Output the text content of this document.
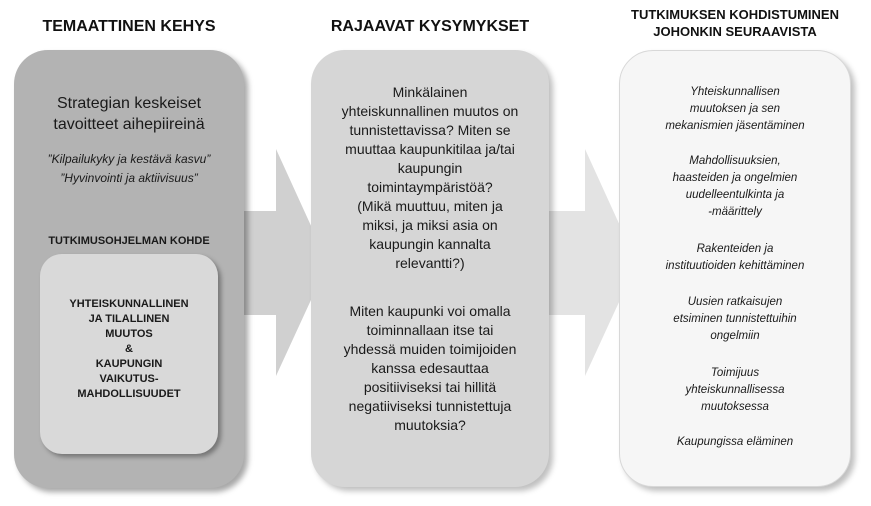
TEMAATTINEN KEHYS	RAJAAVAT KYSYMYKSET
TUTKIMUKSEN KOHDISTUMINEN
JOHONKIN SEURAAVISTA
Strategian keskeiset
tavoitteet aihepiireinä
”Kilpailukyky ja kestävä kasvu”
”Hyvinvointi ja aktiivisuus”
TUTKIMUSOHJELMAN KOHDE
YHTEISKUNNALLINEN
JA TILALLINEN
MUUTOS
&
KAUPUNGIN
VAIKUTUS-
MAHDOLLISUUDET
Minkälainen
yhteiskunnallinen muutos on
tunnistettavissa? Miten se
muuttaa kaupunkitilaa ja/tai
kaupungin
toimintaympäristöä?
(Mikä muuttuu, miten ja
miksi, ja miksi asia on
kaupungin kannalta
relevantti?)
Miten kaupunki voi omalla
toiminnallaan itse tai
yhdessä muiden toimijoiden
kanssa edesauttaa
positiiviseksi tai hillitä
negatiiviseksi tunnistettuja
muutoksia?
Yhteiskunnallisen
muutoksen ja sen
mekanismien jäsentäminen
Mahdollisuuksien,
haasteiden ja ongelmien
uudelleentulkinta ja
-määrittely
Rakenteiden ja
instituutioiden kehittäminen
Uusien ratkaisujen
etsiminen tunnistettuihin
ongelmiin
Toimijuus
yhteiskunnallisessa
muutoksessa
Kaupungissa eläminen
